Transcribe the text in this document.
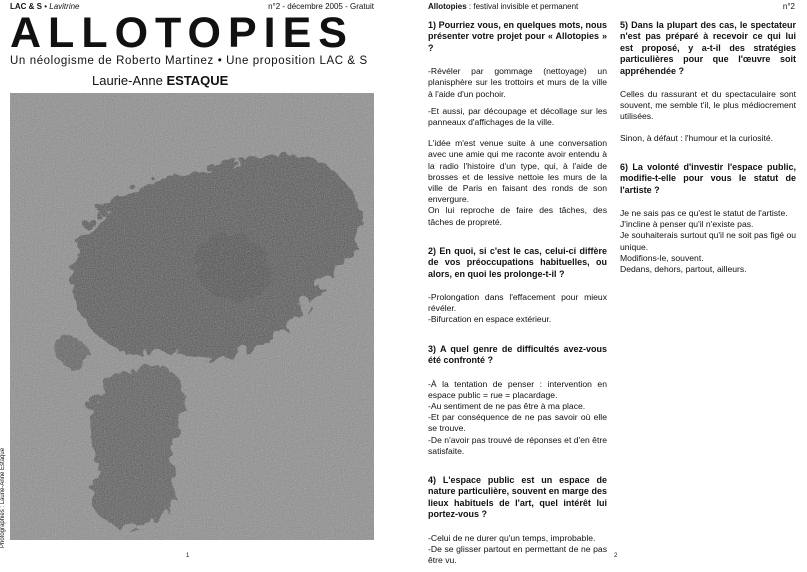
LAC & S • Lavitrine	n°2 - décembre 2005 - Gratuit
ALLOTOPIES
Un néologisme de Roberto Martinez • Une proposition LAC & S
Laurie-Anne ESTAQUE
Photographies : Laurie-Anne Estaque
1
Allotopies : festival invisible et permanent	n°2

1) Pourriez vous, en quelques mots, nous présenter votre projet pour « Allotopies » ?

-Révéler par gommage (nettoyage) un planisphère sur les trottoirs et murs de la ville à l'aide d'un pochoir.

-Et aussi, par découpage et décollage sur les panneaux d'affichages de la ville.

L'idée m'est venue suite à une conversation avec une amie qui me raconte avoir entendu à la radio l'histoire d'un type, qui, à l'aide de brosses et de lessive nettoie les murs de la ville de Paris en faisant des ronds de son envergure.

On lui reproche de faire des tâches, des tâches de propreté.

2) En quoi, si c'est le cas, celui-ci diffère de vos préoccupations habituelles, ou alors, en quoi les prolonge-t-il ?

-Prolongation dans l'effacement pour mieux révéler.

-Bifurcation en espace extérieur.

3) A quel genre de difficultés avez-vous été confronté ?

-À la tentation de penser : intervention en espace public = rue = placardage.

-Au sentiment de ne pas être à ma place.

-Et par conséquence de ne pas savoir où elle se trouve.

-De n'avoir pas trouvé de réponses et d'en être satisfaite.

4) L'espace public est un espace de nature particulière, souvent en marge des lieux habituels de l'art, quel intérêt lui portez-vous ?

-Celui de ne durer qu'un temps, improbable.

-De se glisser partout en permettant de ne pas être vu.

5) Dans la plupart des cas, le spectateur n'est pas préparé à recevoir ce qui lui est proposé, y a-t-il des stratégies particulières pour que l'œuvre soit appréhendée ?

Celles du rassurant et du spectaculaire sont souvent, me semble t'il, le plus médiocrement utilisées.

Sinon, à défaut : l'humour et la curiosité.

6) La volonté d'investir l'espace public, modifie-t-elle pour vous le statut de l'artiste ?

Je ne sais pas ce qu'est le statut de l'artiste.

J'incline à penser qu'il n'existe pas.

Je souhaiterais surtout qu'il ne soit pas figé ou unique.

Modifions-le, souvent.

Dedans, dehors, partout, ailleurs.

2
